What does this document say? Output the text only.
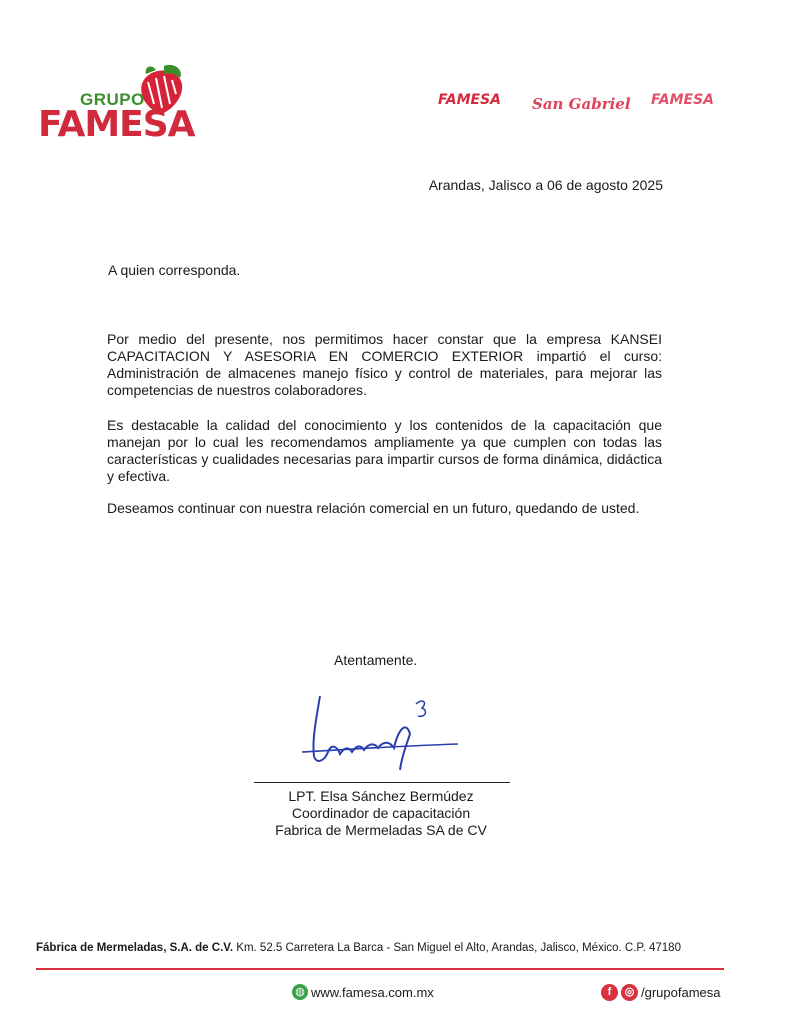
GRUPO
FAMESA
FAMESA San Gabriel FAMESA
Arandas, Jalisco a 06 de agosto 2025
A quien corresponda.
Por medio del presente, nos permitimos hacer constar que la empresa KANSEI CAPACITACION Y ASESORIA EN COMERCIO EXTERIOR impartió el curso: Administración de almacenes manejo físico y control de materiales, para mejorar las competencias de nuestros colaboradores.
Es destacable la calidad del conocimiento y los contenidos de la capacitación que manejan por lo cual les recomendamos ampliamente ya que cumplen con todas las características y cualidades necesarias para impartir cursos de forma dinámica, didáctica y efectiva.
Deseamos continuar con nuestra relación comercial en un futuro, quedando de usted.
Atentamente.
LPT. Elsa Sánchez Bermúdez
Coordinador de capacitación
Fabrica de Mermeladas SA de CV
Fábrica de Mermeladas, S.A. de C.V. Km. 52.5 Carretera La Barca - San Miguel el Alto, Arandas, Jalisco, México. C.P. 47180
◍ www.famesa.com.mx	f	◎ /grupofamesa
